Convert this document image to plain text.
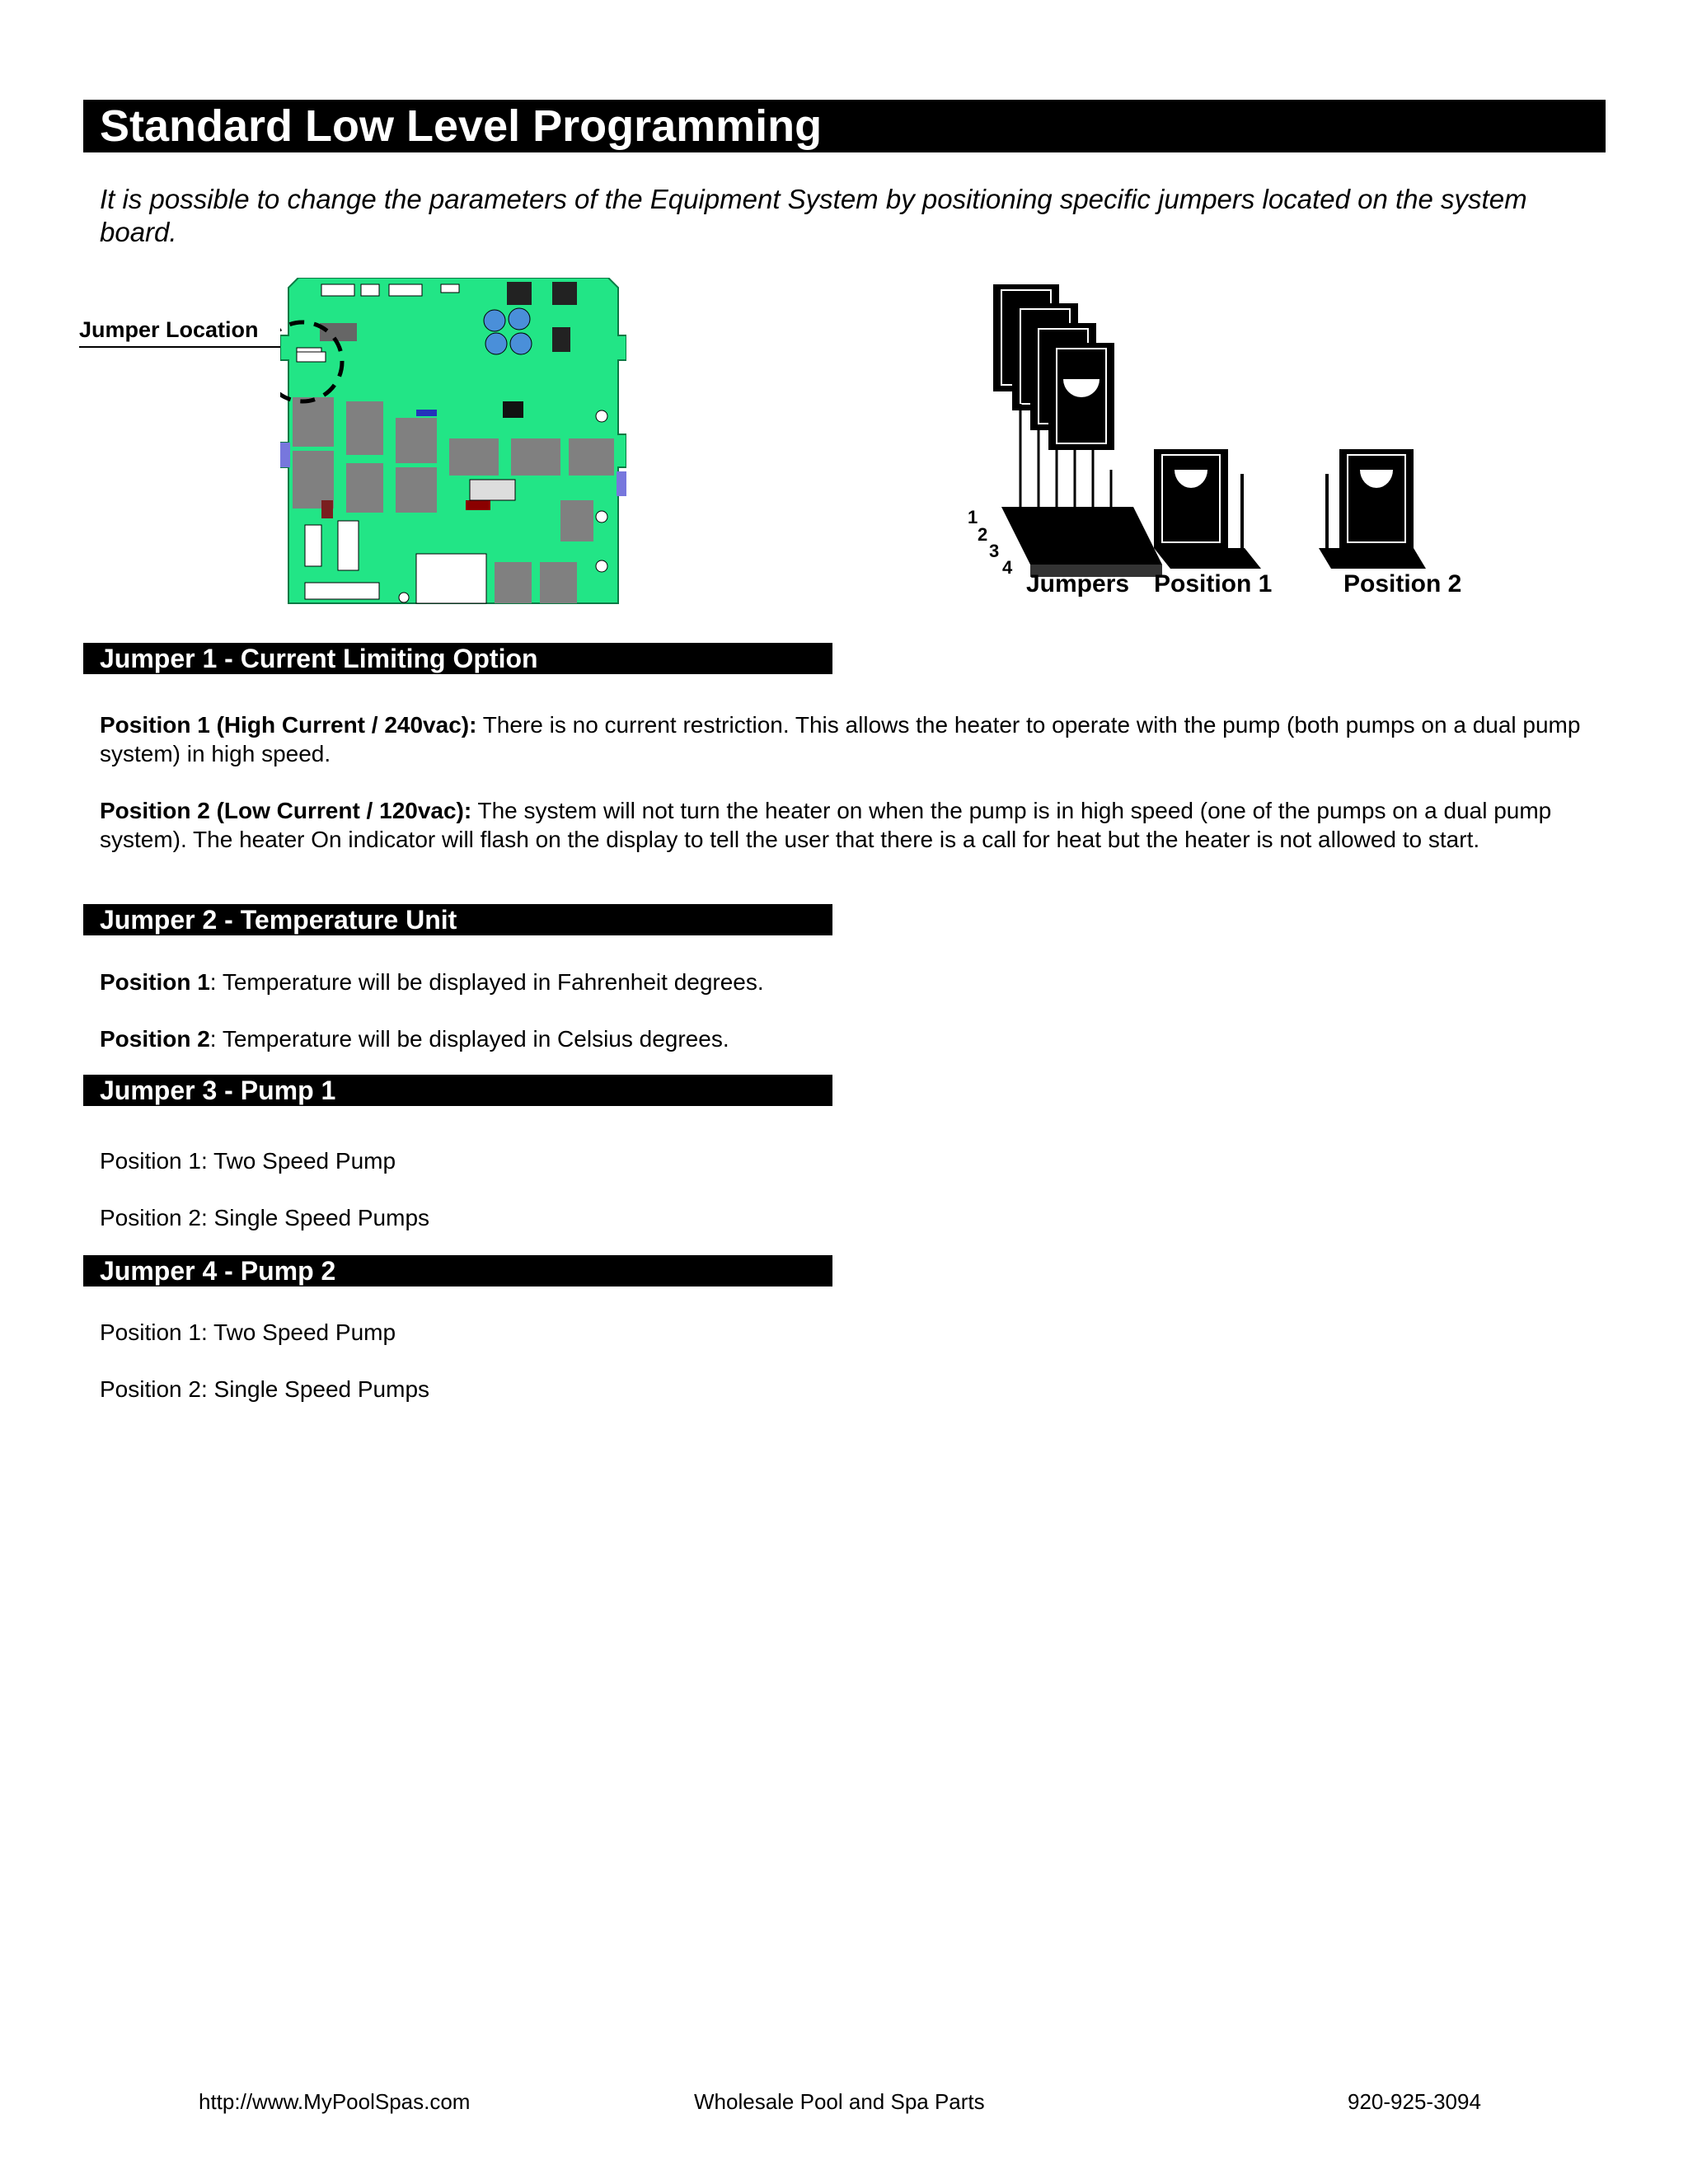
Standard Low Level Programming
It is possible to change the parameters of the Equipment System by positioning specific jumpers located on the system board.
Jumper Location
1
2
3
4
Jumpers Position 1	Position 2
Jumper 1 - Current Limiting Option
Position 1 (High Current / 240vac): There is no current restriction. This allows the heater to operate with the pump (both pumps on a dual pump system) in high speed.
Position 2 (Low Current / 120vac): The system will not turn the heater on when the pump is in high speed (one of the pumps on a dual pump system). The heater On indicator will flash on the display to tell the user that there is a call for heat but the heater is not allowed to start.
Jumper 2 - Temperature Unit
Position 1: Temperature will be displayed in Fahrenheit degrees.
Position 2: Temperature will be displayed in Celsius degrees.
Jumper 3 - Pump 1
Position 1: Two Speed Pump
Position 2: Single Speed Pumps
Jumper 4 - Pump 2
Position 1: Two Speed Pump
Position 2: Single Speed Pumps
http://www.MyPoolSpas.com	Wholesale Pool and Spa Parts	920-925-3094
